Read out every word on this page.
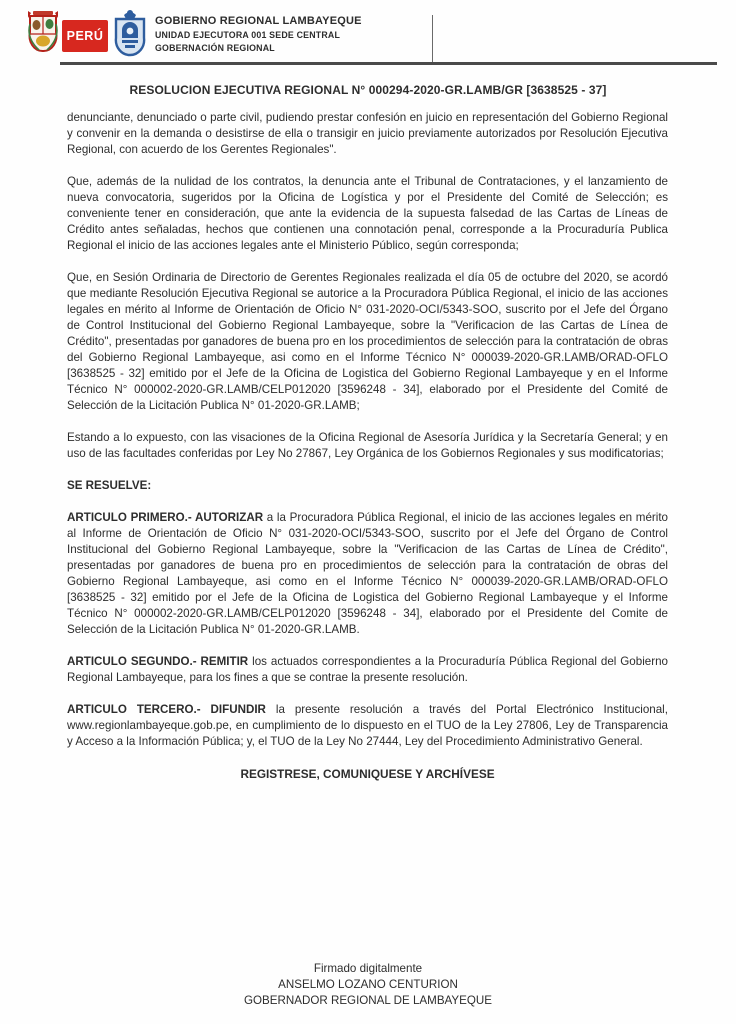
PERÚ
GOBIERNO REGIONAL LAMBAYEQUE
UNIDAD EJECUTORA 001 SEDE CENTRAL
GOBERNACIÓN REGIONAL
RESOLUCION EJECUTIVA REGIONAL N° 000294-2020-GR.LAMB/GR [3638525 - 37]

denunciante, denunciado o parte civil, pudiendo prestar confesión en juicio en representación del Gobierno Regional y convenir en la demanda o desistirse de ella o transigir en juicio previamente autorizados por Resolución Ejecutiva Regional, con acuerdo de los Gerentes Regionales".

Que, además de la nulidad de los contratos, la denuncia ante el Tribunal de Contrataciones, y el lanzamiento de nueva convocatoria, sugeridos por la Oficina de Logística y por el Presidente del Comité de Selección; es conveniente tener en consideración, que ante la evidencia de la supuesta falsedad de las Cartas de Líneas de Crédito antes señaladas, hechos que contienen una connotación penal, corresponde a la Procuraduría Publica Regional el inicio de las acciones legales ante el Ministerio Público, según corresponda;

Que, en Sesión Ordinaria de Directorio de Gerentes Regionales realizada el día 05 de octubre del 2020, se acordó que mediante Resolución Ejecutiva Regional se autorice a la Procuradora Pública Regional, el inicio de las acciones legales en mérito al Informe de Orientación de Oficio N° 031-2020-OCI/5343-SOO, suscrito por el Jefe del Órgano de Control Institucional del Gobierno Regional Lambayeque, sobre la "Verificacion de las Cartas de Línea de Crédito", presentadas por ganadores de buena pro en los procedimientos de selección para la contratación de obras del Gobierno Regional Lambayeque, asi como en el Informe Técnico N° 000039-2020-GR.LAMB/ORAD-OFLO [3638525 - 32] emitido por el Jefe de la Oficina de Logistica del Gobierno Regional Lambayeque y en el Informe Técnico N° 000002-2020-GR.LAMB/CELP012020 [3596248 - 34], elaborado por el Presidente del Comité de Selección de la Licitación Publica N° 01-2020-GR.LAMB;

Estando a lo expuesto, con las visaciones de la Oficina Regional de Asesoría Jurídica y la Secretaría General; y en uso de las facultades conferidas por Ley No 27867, Ley Orgánica de los Gobiernos Regionales y sus modificatorias;

SE RESUELVE:

ARTICULO PRIMERO.- AUTORIZAR a la Procuradora Pública Regional, el inicio de las acciones legales en mérito al Informe de Orientación de Oficio N° 031-2020-OCI/5343-SOO, suscrito por el Jefe del Órgano de Control Institucional del Gobierno Regional Lambayeque, sobre la "Verificacion de las Cartas de Línea de Crédito", presentadas por ganadores de buena pro en procedimientos de selección para la contratación de obras del Gobierno Regional Lambayeque, asi como en el Informe Técnico N° 000039-2020-GR.LAMB/ORAD-OFLO [3638525 - 32] emitido por el Jefe de la Oficina de Logistica del Gobierno Regional Lambayeque y el Informe Técnico N° 000002-2020-GR.LAMB/CELP012020 [3596248 - 34], elaborado por el Presidente del Comite de Selección de la Licitación Publica N° 01-2020-GR.LAMB.

ARTICULO SEGUNDO.- REMITIR los actuados correspondientes a la Procuraduría Pública Regional del Gobierno Regional Lambayeque, para los fines a que se contrae la presente resolución.

ARTICULO TERCERO.- DIFUNDIR la presente resolución a través del Portal Electrónico Institucional, www.regionlambayeque.gob.pe, en cumplimiento de lo dispuesto en el TUO de la Ley 27806, Ley de Transparencia y Acceso a la Información Pública; y, el TUO de la Ley No 27444, Ley del Procedimiento Administrativo General.

REGISTRESE, COMUNIQUESE Y ARCHÍVESE

Firmado digitalmente
ANSELMO LOZANO CENTURION
GOBERNADOR REGIONAL DE LAMBAYEQUE
